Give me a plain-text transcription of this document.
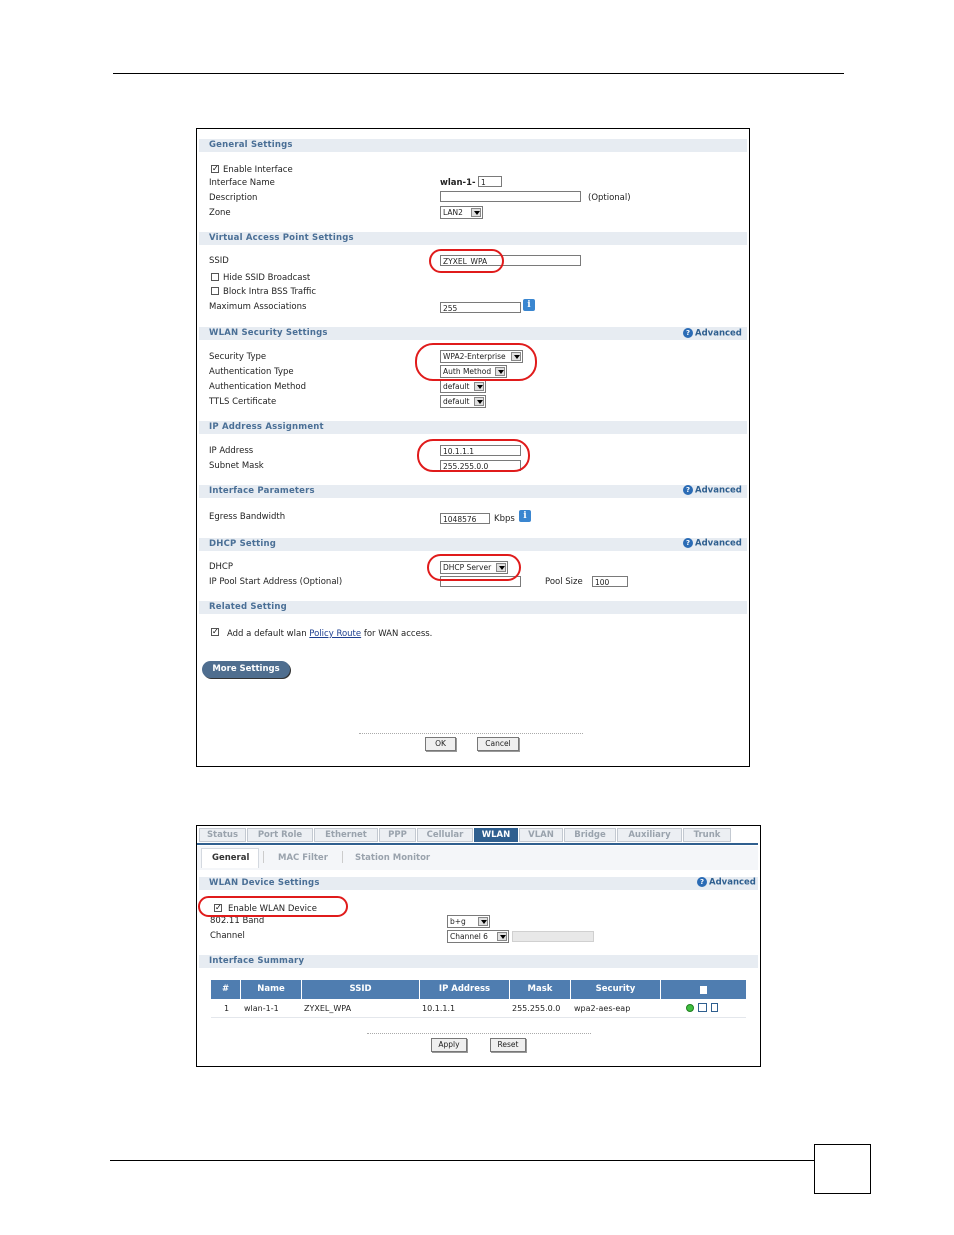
General Settings
✓ Enable Interface
Interface Name	wlan-1- 1
Description	(Optional)
Zone	LAN2
Virtual Access Point Settings
SSID	ZYXEL_WPA
Hide SSID Broadcast
Block Intra BSS Traffic
Maximum Associations	255	i
WLAN Security Settings	? Advanced
Security Type	WPA2-Enterprise
Authentication Type	Auth Method
Authentication Method	default
TTLS Certificate	default
IP Address Assignment
IP Address	10.1.1.1
Subnet Mask	255.255.0.0
Interface Parameters	? Advanced
Egress Bandwidth	1048576	Kbps i
DHCP Setting	? Advanced
DHCP	DHCP Server
IP Pool Start Address (Optional)	Pool Size	100
Related Setting
✓ Add a default wlan Policy Route for WAN access.
More Settings
OK	Cancel
Status	Port Role	Ethernet	PPP	Cellular	WLAN	VLAN	Bridge	Auxiliary	Trunk
General	MAC Filter	Station Monitor
WLAN Device Settings	? Advanced
✓ Enable WLAN Device
802.11 Band	b+g
Channel	Channel 6
Interface Summary
#	Name	SSID	IP Address	Mask	Security
1 wlan-1-1	ZYXEL_WPA	10.1.1.1	255.255.0.0 wpa2-aes-eap
Apply	Reset
